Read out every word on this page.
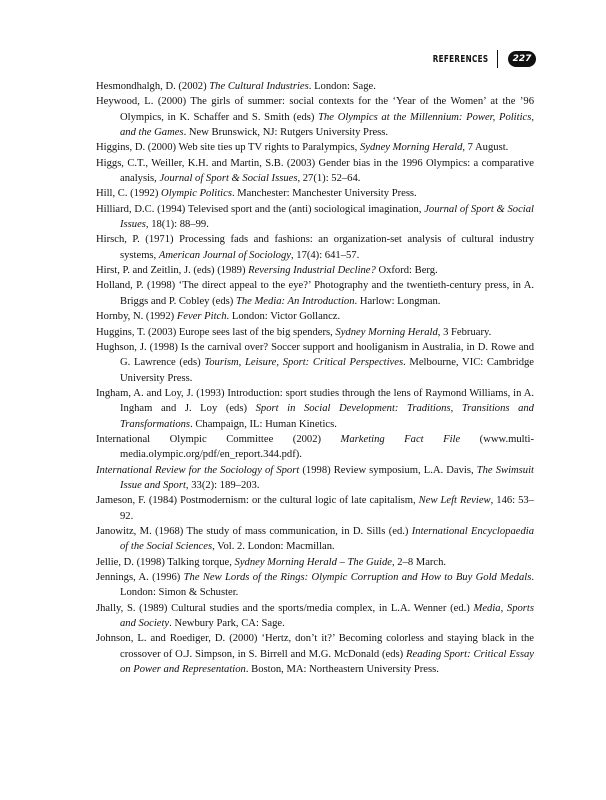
REFERENCES	227

Hesmondhalgh, D. (2002) The Cultural Industries. London: Sage.

Heywood, L. (2000) The girls of summer: social contexts for the ‘Year of the Women’ at the ’96 Olympics, in K. Schaffer and S. Smith (eds) The Olympics at the Millennium: Power, Politics, and the Games. New Brunswick, NJ: Rutgers University Press.

Higgins, D. (2000) Web site ties up TV rights to Paralympics, Sydney Morning Herald, 7 August.

Higgs, C.T., Weiller, K.H. and Martin, S.B. (2003) Gender bias in the 1996 Olympics: a comparative analysis, Journal of Sport & Social Issues, 27(1): 52–64.

Hill, C. (1992) Olympic Politics. Manchester: Manchester University Press.

Hilliard, D.C. (1994) Televised sport and the (anti) sociological imagination, Journal of Sport & Social Issues, 18(1): 88–99.

Hirsch, P. (1971) Processing fads and fashions: an organization-set analysis of cultural industry systems, American Journal of Sociology, 17(4): 641–57.

Hirst, P. and Zeitlin, J. (eds) (1989) Reversing Industrial Decline? Oxford: Berg.

Holland, P. (1998) ‘The direct appeal to the eye?’ Photography and the twentieth-century press, in A. Briggs and P. Cobley (eds) The Media: An Introduction. Harlow: Longman.

Hornby, N. (1992) Fever Pitch. London: Victor Gollancz.

Huggins, T. (2003) Europe sees last of the big spenders, Sydney Morning Herald, 3 February.

Hughson, J. (1998) Is the carnival over? Soccer support and hooliganism in Australia, in D. Rowe and G. Lawrence (eds) Tourism, Leisure, Sport: Critical Perspectives. Melbourne, VIC: Cambridge University Press.

Ingham, A. and Loy, J. (1993) Introduction: sport studies through the lens of Raymond Williams, in A. Ingham and J. Loy (eds) Sport in Social Development: Traditions, Transitions and Transformations. Champaign, IL: Human Kinetics.

International Olympic Committee (2002) Marketing Fact File (www.multi-media.olympic.org/pdf/en_report.344.pdf).

International Review for the Sociology of Sport (1998) Review symposium, L.A. Davis, The Swimsuit Issue and Sport, 33(2): 189–203.

Jameson, F. (1984) Postmodernism: or the cultural logic of late capitalism, New Left Review, 146: 53–92.

Janowitz, M. (1968) The study of mass communication, in D. Sills (ed.) International Encyclopaedia of the Social Sciences, Vol. 2. London: Macmillan.

Jellie, D. (1998) Talking torque, Sydney Morning Herald – The Guide, 2–8 March.

Jennings, A. (1996) The New Lords of the Rings: Olympic Corruption and How to Buy Gold Medals. London: Simon & Schuster.

Jhally, S. (1989) Cultural studies and the sports/media complex, in L.A. Wenner (ed.) Media, Sports and Society. Newbury Park, CA: Sage.

Johnson, L. and Roediger, D. (2000) ‘Hertz, don’t it?’ Becoming colorless and staying black in the crossover of O.J. Simpson, in S. Birrell and M.G. McDonald (eds) Reading Sport: Critical Essay on Power and Representation. Boston, MA: Northeastern University Press.
